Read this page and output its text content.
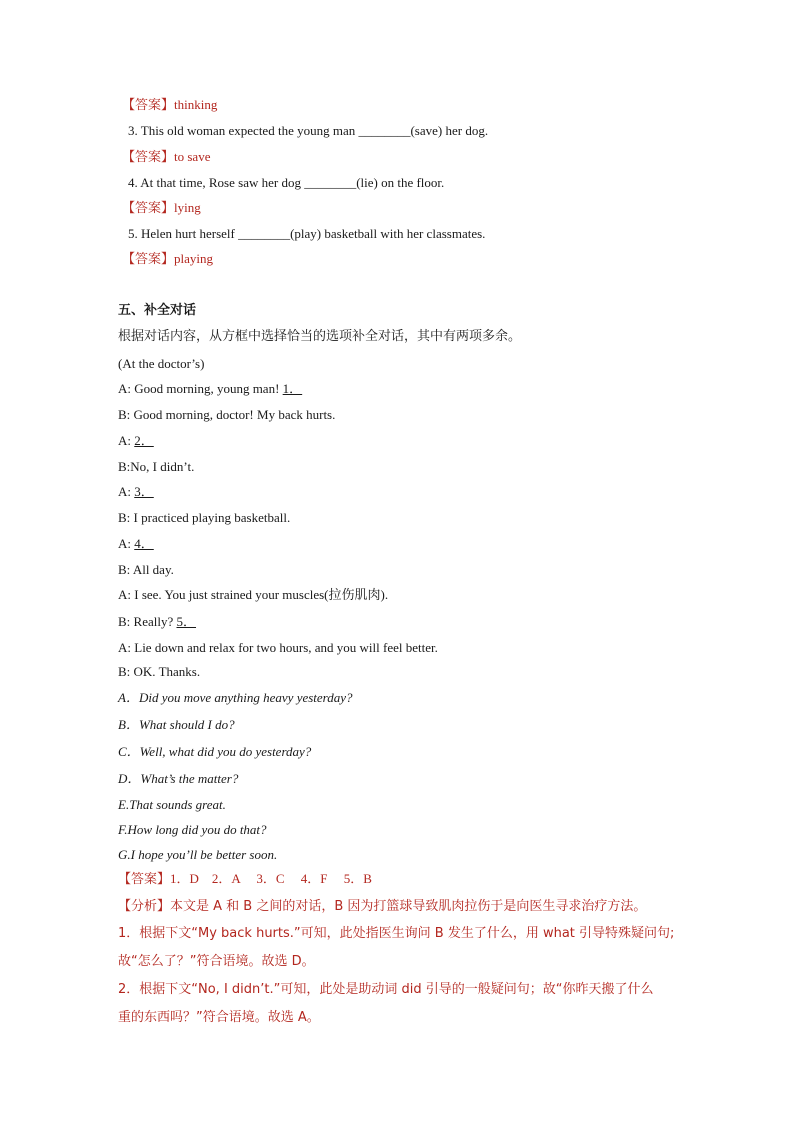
【答案】thinking
3. This old woman expected the young man ________(save) her dog.
【答案】to save
4. At that time, Rose saw her dog ________(lie) on the floor.
【答案】lying
5. Helen hurt herself ________(play) basketball with her classmates.
【答案】playing
五、补全对话
根据对话内容，从方框中选择恰当的选项补全对话，其中有两项多余。
(At the doctor’s)
A: Good morning, young man! 1．
B: Good morning, doctor! My back hurts.
A: 2．
B:No, I didn’t.
A: 3．
B: I practiced playing basketball.
A: 4．
B: All day.
A: I see. You just strained your muscles(拉伤肌肉).
B: Really? 5．
A: Lie down and relax for two hours, and you will feel better.
B: OK. Thanks.
A．Did you move anything heavy yesterday?
B．What should I do?
C．Well, what did you do yesterday?
D．What’s the matter?
E.That sounds great.
F.How long did you do that?
G.I hope you’ll be better soon.
【答案】1．D　2．A　 3．C　 4．F　 5．B
【分析】本文是 A 和 B 之间的对话，B 因为打篮球导致肌肉拉伤于是向医生寻求治疗方法。
1．根据下文“My back hurts.”可知，此处指医生询问 B 发生了什么，用 what 引导特殊疑问句;
故“怎么了？”符合语境。故选 D。
2．根据下文“No, I didn’t.”可知，此处是助动词 did 引导的一般疑问句；故“你昨天搬了什么
重的东西吗？”符合语境。故选 A。
